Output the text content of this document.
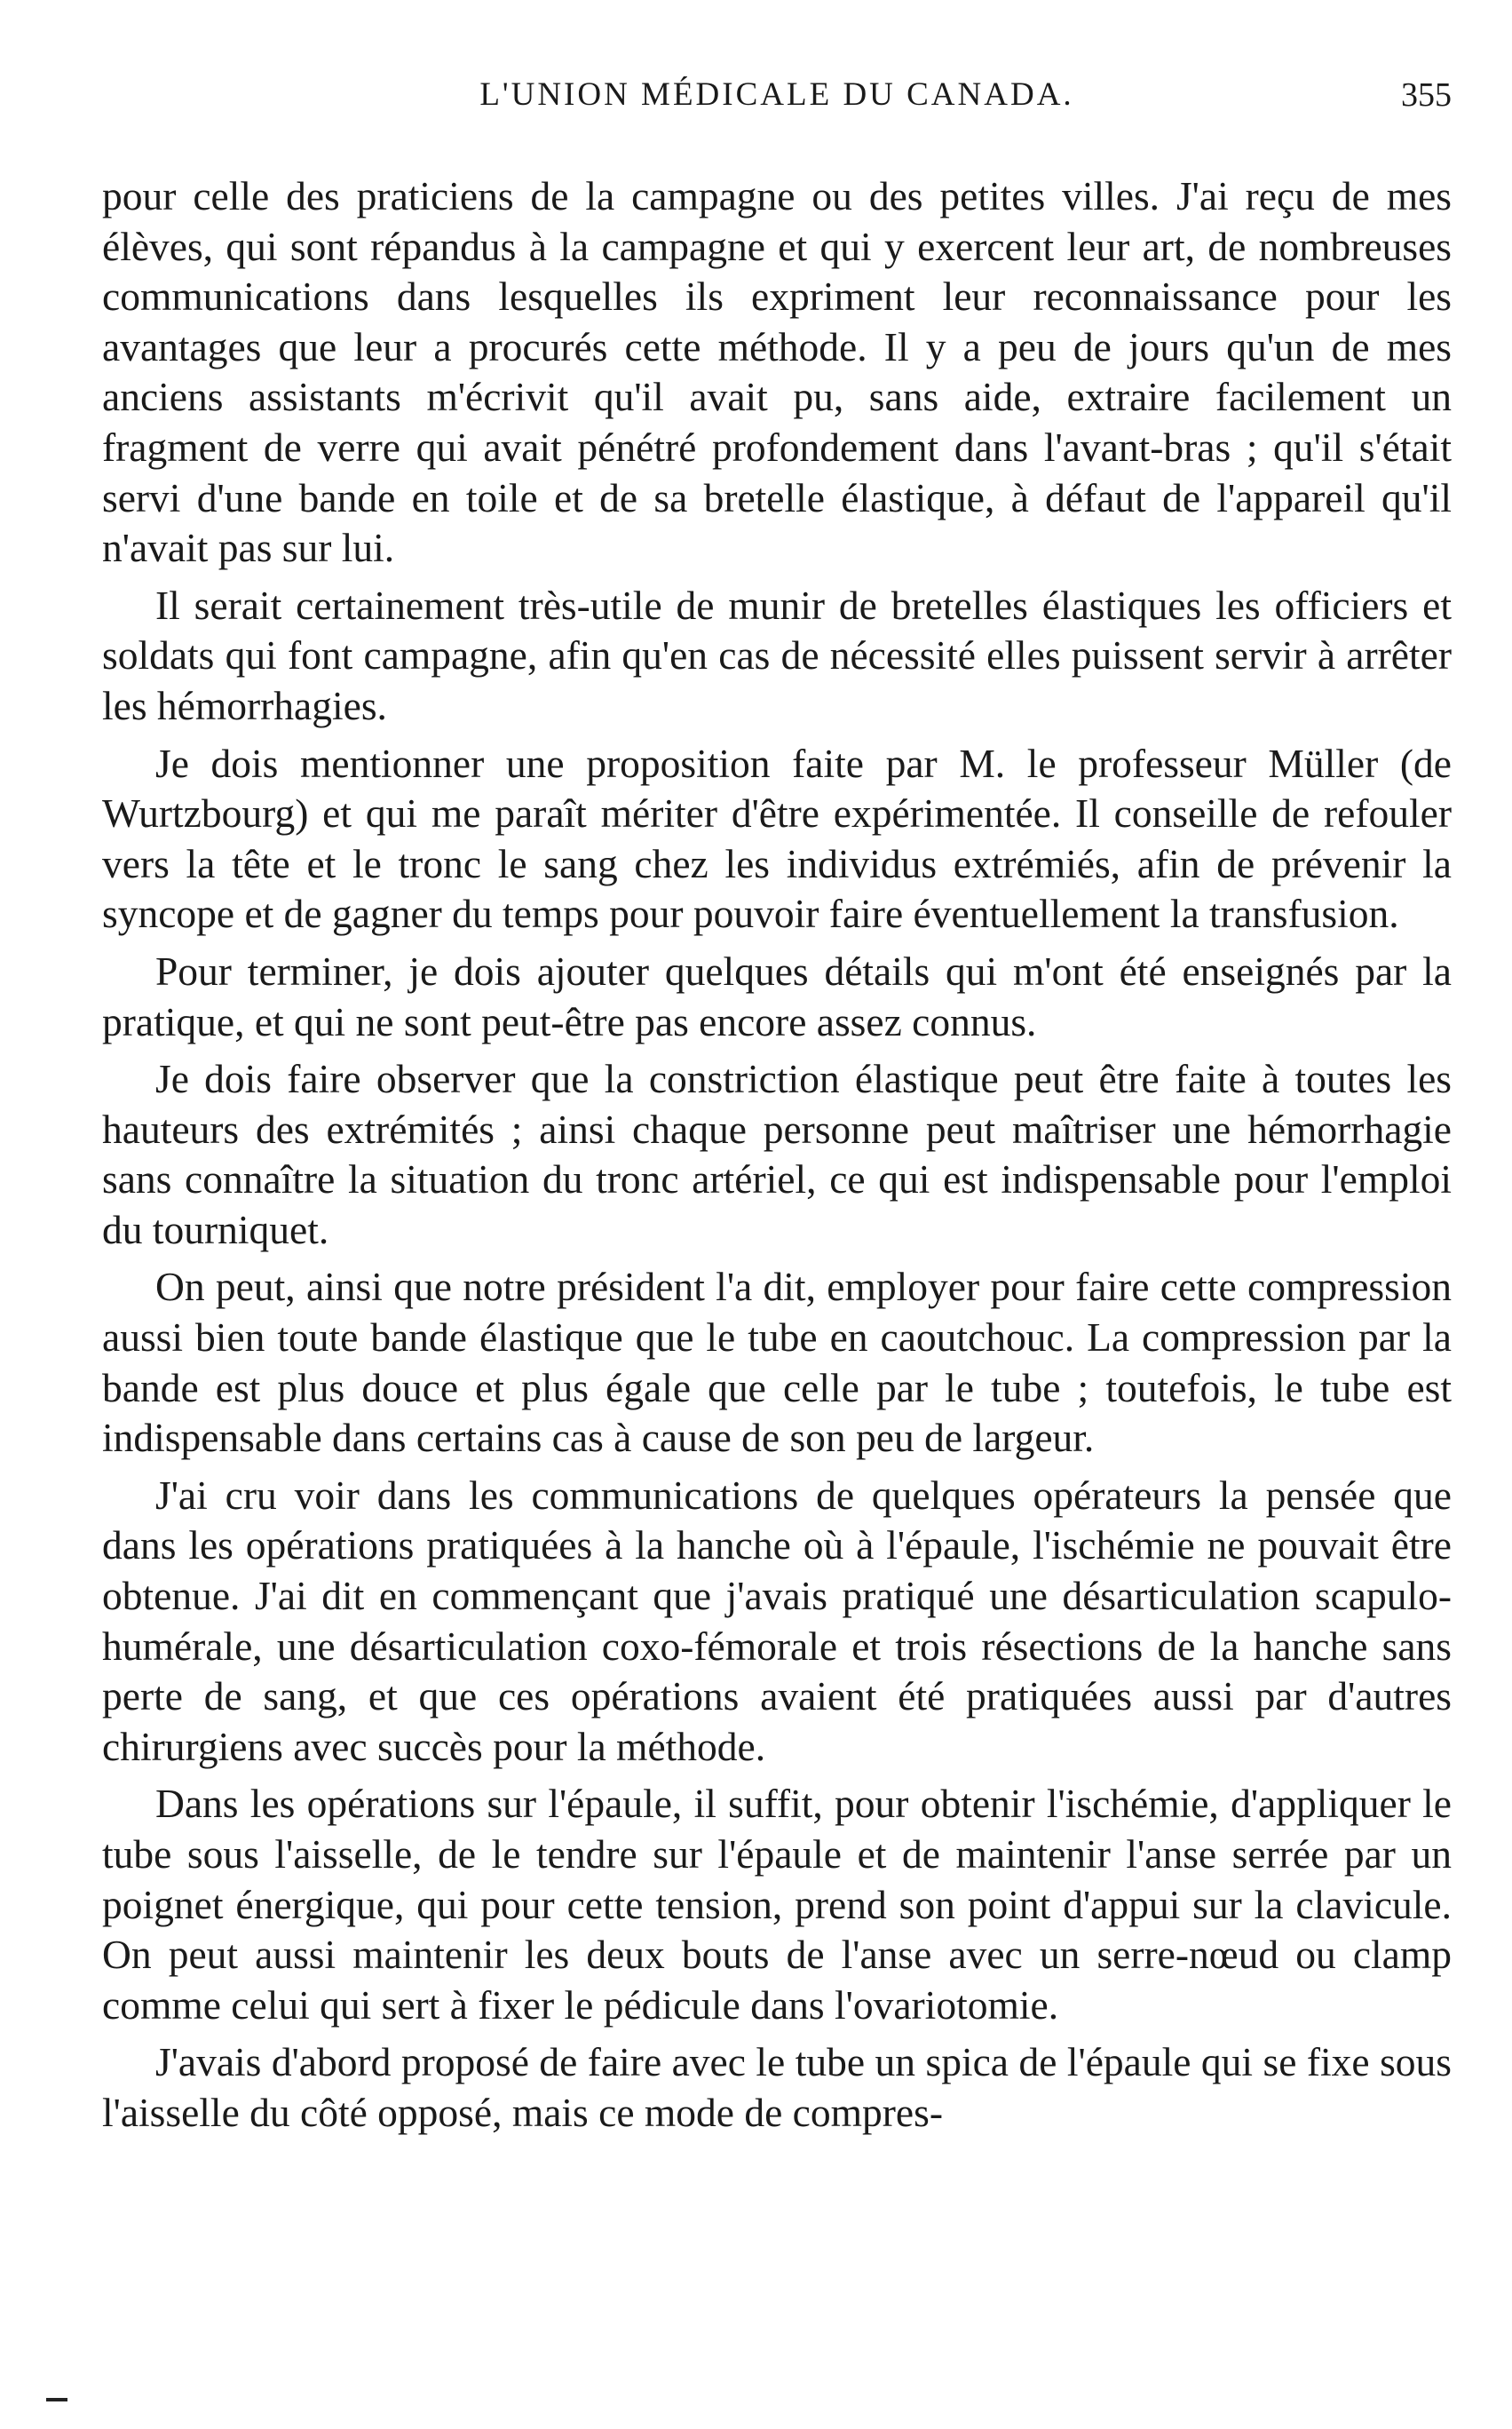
L'UNION MÉDICALE DU CANADA.	355

pour celle des praticiens de la campagne ou des petites villes. J'ai reçu de mes élèves, qui sont répandus à la campagne et qui y exercent leur art, de nombreuses communications dans lesquelles ils expriment leur reconnaissance pour les avantages que leur a procurés cette méthode. Il y a peu de jours qu'un de mes anciens assistants m'écrivit qu'il avait pu, sans aide, extraire facilement un fragment de verre qui avait pénétré profondement dans l'avant-bras ; qu'il s'était servi d'une bande en toile et de sa bretelle élastique, à défaut de l'appareil qu'il n'avait pas sur lui.

Il serait certainement très-utile de munir de bretelles élastiques les officiers et soldats qui font campagne, afin qu'en cas de nécessité elles puissent servir à arrêter les hémorrhagies.

Je dois mentionner une proposition faite par M. le professeur Müller (de Wurtzbourg) et qui me paraît mériter d'être expérimentée. Il conseille de refouler vers la tête et le tronc le sang chez les individus extrémiés, afin de prévenir la syncope et de gagner du temps pour pouvoir faire éventuellement la transfusion.

Pour terminer, je dois ajouter quelques détails qui m'ont été enseignés par la pratique, et qui ne sont peut-être pas encore assez connus.

Je dois faire observer que la constriction élastique peut être faite à toutes les hauteurs des extrémités ; ainsi chaque personne peut maîtriser une hémorrhagie sans connaître la situation du tronc artériel, ce qui est indispensable pour l'emploi du tourniquet.

On peut, ainsi que notre président l'a dit, employer pour faire cette compression aussi bien toute bande élastique que le tube en caoutchouc. La compression par la bande est plus douce et plus égale que celle par le tube ; toutefois, le tube est indispensable dans certains cas à cause de son peu de largeur.

J'ai cru voir dans les communications de quelques opérateurs la pensée que dans les opérations pratiquées à la hanche où à l'épaule, l'ischémie ne pouvait être obtenue. J'ai dit en commençant que j'avais pratiqué une désarticulation scapulo-humérale, une désarticulation coxo-fémorale et trois résections de la hanche sans perte de sang, et que ces opérations avaient été pratiquées aussi par d'autres chirurgiens avec succès pour la méthode.

Dans les opérations sur l'épaule, il suffit, pour obtenir l'ischémie, d'appliquer le tube sous l'aisselle, de le tendre sur l'épaule et de maintenir l'anse serrée par un poignet énergique, qui pour cette tension, prend son point d'appui sur la clavicule. On peut aussi maintenir les deux bouts de l'anse avec un serre-nœud ou clamp comme celui qui sert à fixer le pédicule dans l'ovariotomie.

J'avais d'abord proposé de faire avec le tube un spica de l'épaule qui se fixe sous l'aisselle du côté opposé, mais ce mode de compres-
